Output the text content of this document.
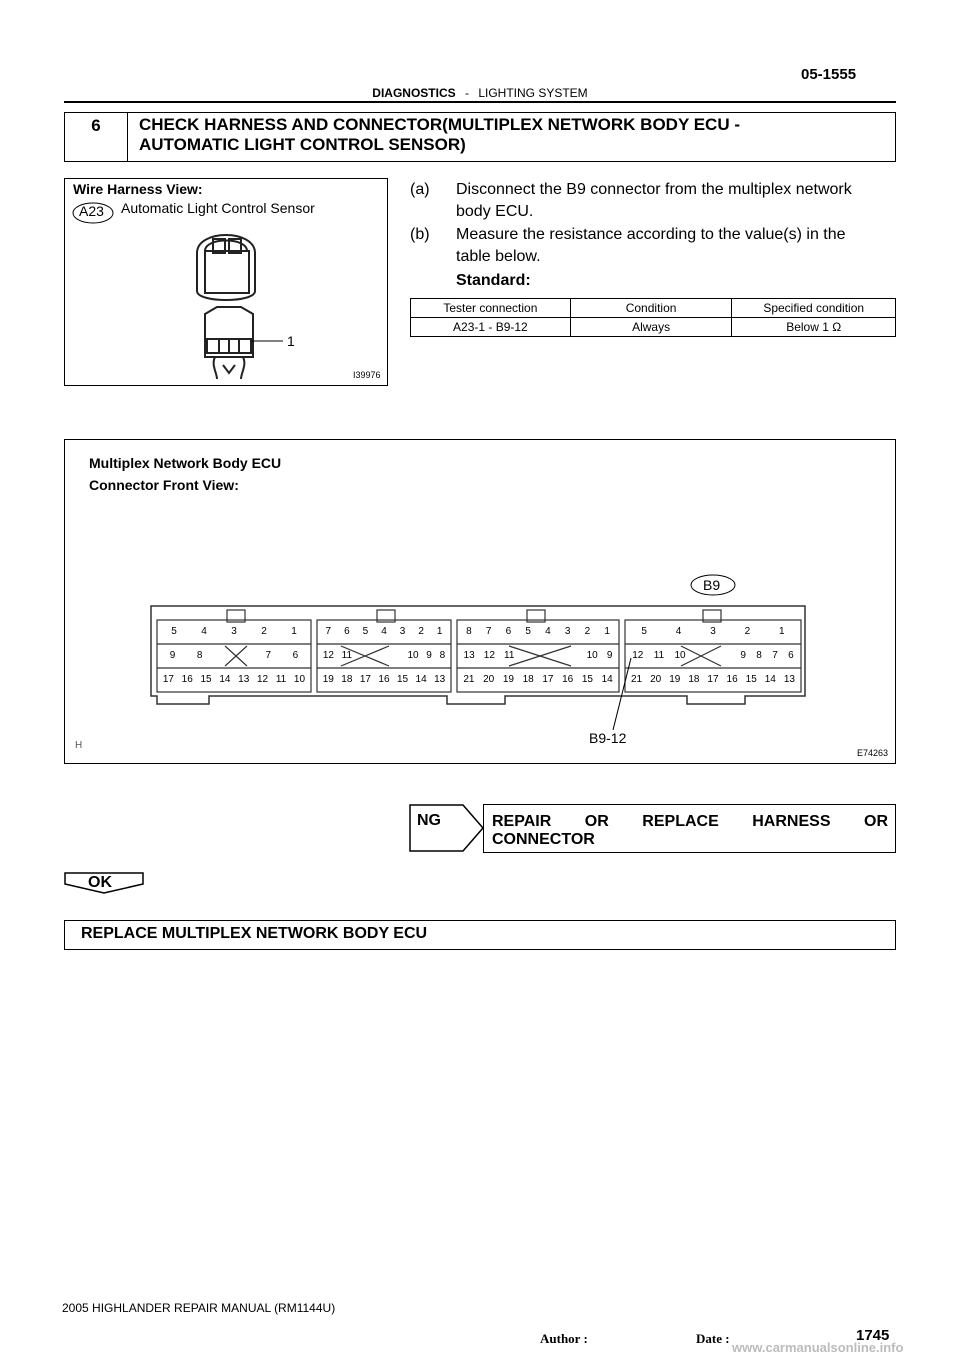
05-1555
DIAGNOSTICS - LIGHTING SYSTEM
6	CHECK HARNESS AND CONNECTOR(MULTIPLEX NETWORK BODY ECU -
AUTOMATIC LIGHT CONTROL SENSOR)
Wire Harness View:
A23 Automatic Light Control Sensor
1
I39976
(a) Disconnect the B9 connector from the multiplex network
body ECU.
(b) Measure the resistance according to the value(s) in the
table below.
Standard:
Tester connection	Condition	Specified condition
A23-1 - B9-12	Always	Below 1 Ω
Multiplex Network Body ECU
Connector Front View:
5 4 3 2 1
9 8	7 6
17 16 15 14 13 12 11 10
7 6 5 4 3 2 1
12 11	10 9 8
19 18 17 16 15 14 13
8 7 6 5 4 3 2 1
13 12 11	10 9
21 20 19 18 17 16 15 14
5	4	3	2	1
12 11 10	9 8 7 6
21 20 19 18 17 16 15 14 13
B9
B9-12
H
E74263
NG	REPAIR OR REPLACE HARNESS OR
CONNECTOR
OK
REPLACE MULTIPLEX NETWORK BODY ECU
2005 HIGHLANDER REPAIR MANUAL (RM1144U)
Author :	Date :	1745
www.carmanualsonline.info
